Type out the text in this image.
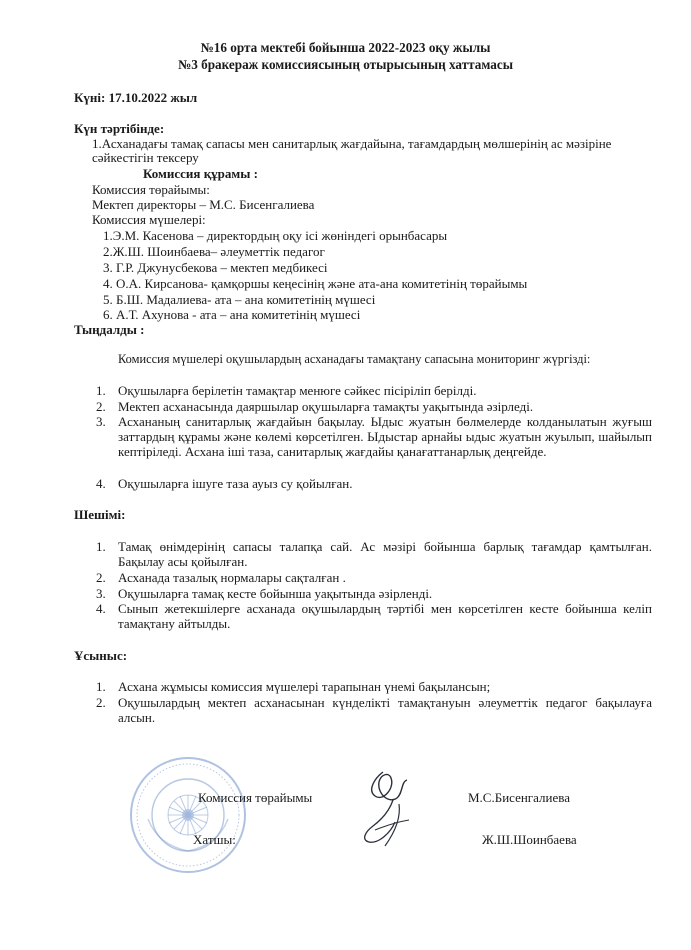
№16 орта мектебі бойынша 2022-2023 оқу жылы
№3 бракераж комиссиясының отырысының хаттамасы
Күні: 17.10.2022 жыл
Күн тәртібінде:
1.Асханадағы тамақ сапасы мен санитарлық жағдайына, тағамдардың мөлшерінің ас мәзіріне
сәйкестігін тексеру
Комиссия құрамы :
Комиссия төрайымы:
Мектеп директоры – М.С. Бисенгалиева
Комиссия мүшелері:
1.Э.М. Касенова – директордың оқу ісі жөніндегі орынбасары
2.Ж.Ш. Шоинбаева– әлеуметтік педагог
3. Г.Р. Джунусбекова – мектеп медбикесі
4. О.А. Кирсанова- қамқоршы кеңесінің және ата-ана комитетінің төрайымы
5. Б.Ш. Мадалиева- ата – ана комитетінің мүшесі
6. А.Т. Ахунова - ата – ана комитетінің мүшесі
Тыңдалды :
Комиссия мүшелері оқушылардың асханадағы тамақтану сапасына мониторинг жүргізді:
1. Оқушыларға берілетін тамақтар менюге сәйкес пісіріліп берілді.
2. Мектеп асханасында даяршылар оқушыларға тамақты уақытында әзірледі.
3. Асхананың санитарлық жағдайын бақылау. Ыдыс жуатын бөлмелерде колданылатын жуғыш заттардың құрамы және көлемі көрсетілген. Ыдыстар арнайы ыдыс жуатын жуылып, шайылып кептіріледі. Асхана іші таза, санитарлық жағдайы қанағаттанарлық деңгейде.
4. Оқушыларға ішуге таза ауыз су қойылған.
Шешімі:
1. Тамақ өнімдерінің сапасы талапқа сай. Ас мәзірі бойынша барлық тағамдар қамтылған. Бақылау асы қойылған.
2. Асханада тазалық нормалары сақталған .
3. Оқушыларға тамақ кесте бойынша уақытында әзірленді.
4. Сынып жетекшілерге асханада оқушылардың тәртібі мен көрсетілген кесте бойынша келіп тамақтану айтылды.
Ұсыныс:
1. Асхана жұмысы комиссия мүшелері тарапынан үнемі бақылансын;
2. Оқушылардың мектеп асханасынан күнделікті тамақтануын әлеуметтік педагог бақылауға алсын.
Комиссия төрайымы	М.С.Бисенгалиева
Хатшы:	Ж.Ш.Шоинбаева
